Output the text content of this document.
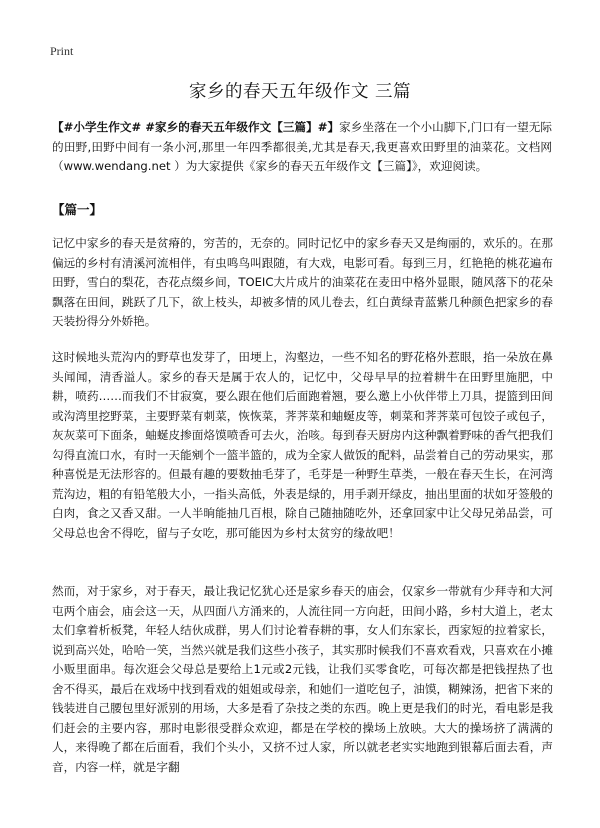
Print
家乡的春天五年级作文 三篇

【#小学生作文# #家乡的春天五年级作文【三篇】#】家乡坐落在一个小山脚下,门口有一望无际的田野,田野中间有一条小河,那里一年四季都很美,尤其是春天,我更喜欢田野里的油菜花。文档网（www.wendang.net ）为大家提供《家乡的春天五年级作文【三篇】》，欢迎阅读。

【篇一】

记忆中家乡的春天是贫瘠的，穷苦的，无奈的。同时记忆中的家乡春天又是绚丽的，欢乐的。在那偏远的乡村有清溪河流相伴，有虫鸣鸟叫跟随，有大戏，电影可看。每到三月，红艳艳的桃花遍布田野，雪白的梨花，杏花点缀乡间，TOEIC大片成片的油菜花在麦田中格外显眼，随风落下的花朵飘落在田间，跳跃了几下，欲上枝头，却被多情的风儿卷去，红白黄绿青蓝紫几种颜色把家乡的春天装扮得分外娇艳。

这时候地头荒沟内的野草也发芽了，田埂上，沟壑边，一些不知名的野花格外惹眼，掐一朵放在鼻头闻闻，清香溢人。家乡的春天是属于农人的，记忆中，父母早早的拉着耕牛在田野里施肥，中耕，喷药……而我们不甘寂寞，要么跟在他们后面跑着翘，要么邀上小伙伴带上刀具，提篮到田间或沟湾里挖野菜，主要野菜有刺菜，恢恢菜，荠荠菜和蚰蜒皮等，刺菜和荠荠菜可包饺子或包子，灰灰菜可下面条，蚰蜒皮掺面烙馍喷香可去火，治咳。每到春天厨房内这种飘着野味的香气把我们勾得直流口水，有时一天能剜个一篮半篮的，成为全家人做饭的配料，品尝着自己的劳动果实，那种喜悦是无法形容的。但最有趣的要数抽毛芽了，毛芽是一种野生草类，一般在春天生长，在河湾荒沟边，粗的有铅笔般大小，一指头高低，外表是绿的，用手剥开绿皮，抽出里面的状如牙签般的白肉，食之又香又甜。一人半晌能抽几百根，除自己随抽随吃外，还拿回家中让父母兄弟品尝，可父母总也舍不得吃，留与子女吃，那可能因为乡村太贫穷的缘故吧！

然而，对于家乡，对于春天，最让我记忆犹心还是家乡春天的庙会，仅家乡一带就有少拜寺和大河屯两个庙会，庙会这一天，从四面八方涌来的，人流往同一方向赶，田间小路，乡村大道上，老太太们拿着析板凳，年轻人结伙成群，男人们讨论着春耕的事，女人们东家长，西家短的拉着家长，说到高兴处，哈哈一笑，当然兴就是我们这些小孩子，其实那时候我们不喜欢看戏，只喜欢在小摊小贩里面串。每次逛会父母总是要给上1元或2元钱，让我们买零食吃，可每次都是把钱捏热了也舍不得买，最后在戏场中找到看戏的姐姐或母亲，和她们一道吃包子，油馍，糊辣汤，把省下来的钱装进自己腰包里好派别的用场，大多是看了杂技之类的东西。晚上更是我们的时光，看电影是我们赶会的主要内容，那时电影很受群众欢迎，都是在学校的操场上放映。大大的操场挤了满满的人，来得晚了都在后面看，我们个头小，又挤不过人家，所以就老老实实地跑到银幕后面去看，声音，内容一样，就是字翻
